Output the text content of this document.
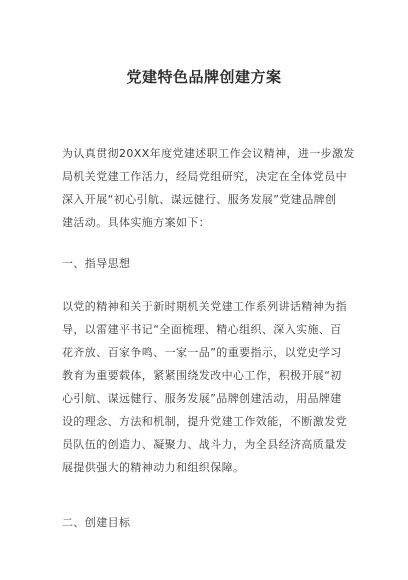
党建特色品牌创建方案
为认真贯彻20XX年度党建述职工作会议精神，进一步激发
局机关党建工作活力，经局党组研究，决定在全体党员中
深入开展“初心引航、谋远健行、服务发展”党建品牌创
建活动。具体实施方案如下：
一、指导思想
以党的精神和关于新时期机关党建工作系列讲话精神为指
导，以雷建平书记“全面梳理、精心组织、深入实施、百
花齐放、百家争鸣、一家一品”的重要指示，以党史学习
教育为重要载体，紧紧围绕发改中心工作，积极开展“初
心引航、谋远健行、服务发展”品牌创建活动，用品牌建
设的理念、方法和机制，提升党建工作效能，不断激发党
员队伍的创造力、凝聚力、战斗力，为全县经济高质量发
展提供强大的精神动力和组织保障。
二、创建目标
